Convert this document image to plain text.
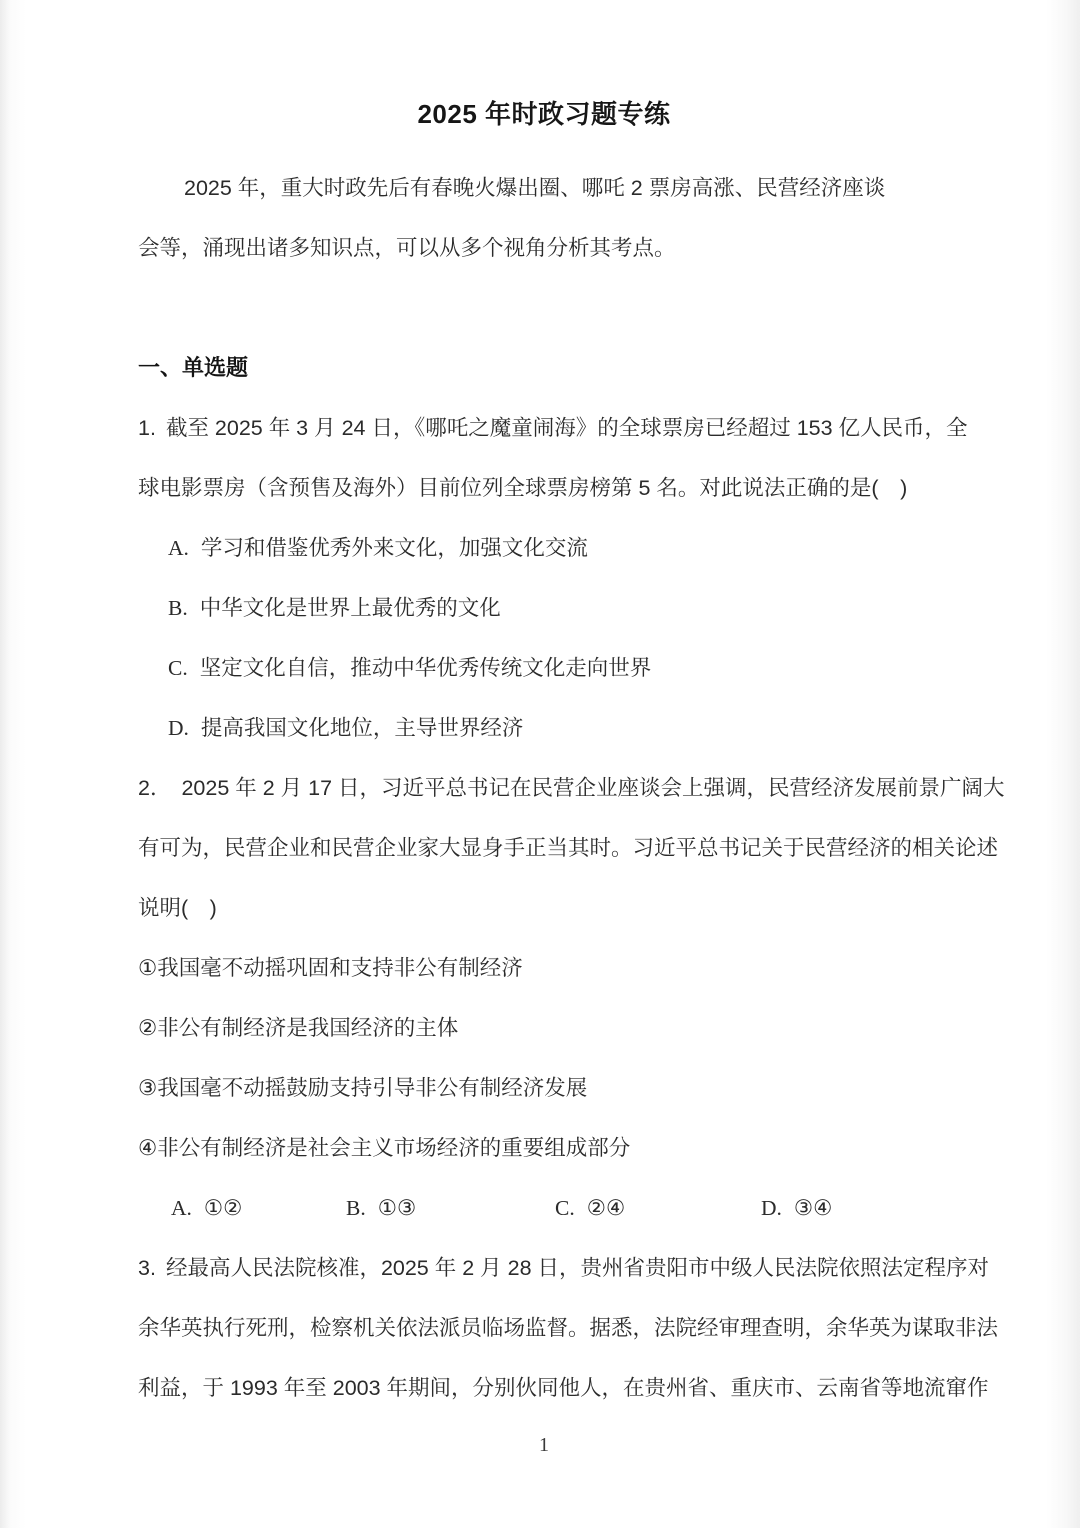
2025 年时政习题专练
2025 年，重大时政先后有春晚火爆出圈、哪吒 2 票房高涨、民营经济座谈
会等，涌现出诸多知识点，可以从多个视角分析其考点。
一、单选题
1. 截至 2025 年 3 月 24 日，《哪吒之魔童闹海》的全球票房已经超过 153 亿人民币，全
球电影票房（含预售及海外）目前位列全球票房榜第 5 名。对此说法正确的是(　)
A. 学习和借鉴优秀外来文化，加强文化交流
B. 中华文化是世界上最优秀的文化
C. 坚定文化自信，推动中华优秀传统文化走向世界
D. 提高我国文化地位，主导世界经济
2． 2025 年 2 月 17 日，习近平总书记在民营企业座谈会上强调，民营经济发展前景广阔大
有可为，民营企业和民营企业家大显身手正当其时。习近平总书记关于民营经济的相关论述
说明(　)
①我国毫不动摇巩固和支持非公有制经济
②非公有制经济是我国经济的主体
③我国毫不动摇鼓励支持引导非公有制经济发展
④非公有制经济是社会主义市场经济的重要组成部分
A. ①②	B. ①③	C. ②④	D. ③④
3. 经最高人民法院核准，2025 年 2 月 28 日，贵州省贵阳市中级人民法院依照法定程序对
余华英执行死刑，检察机关依法派员临场监督。据悉，法院经审理查明，余华英为谋取非法
利益，于 1993 年至 2003 年期间，分别伙同他人，在贵州省、重庆市、云南省等地流窜作
1
